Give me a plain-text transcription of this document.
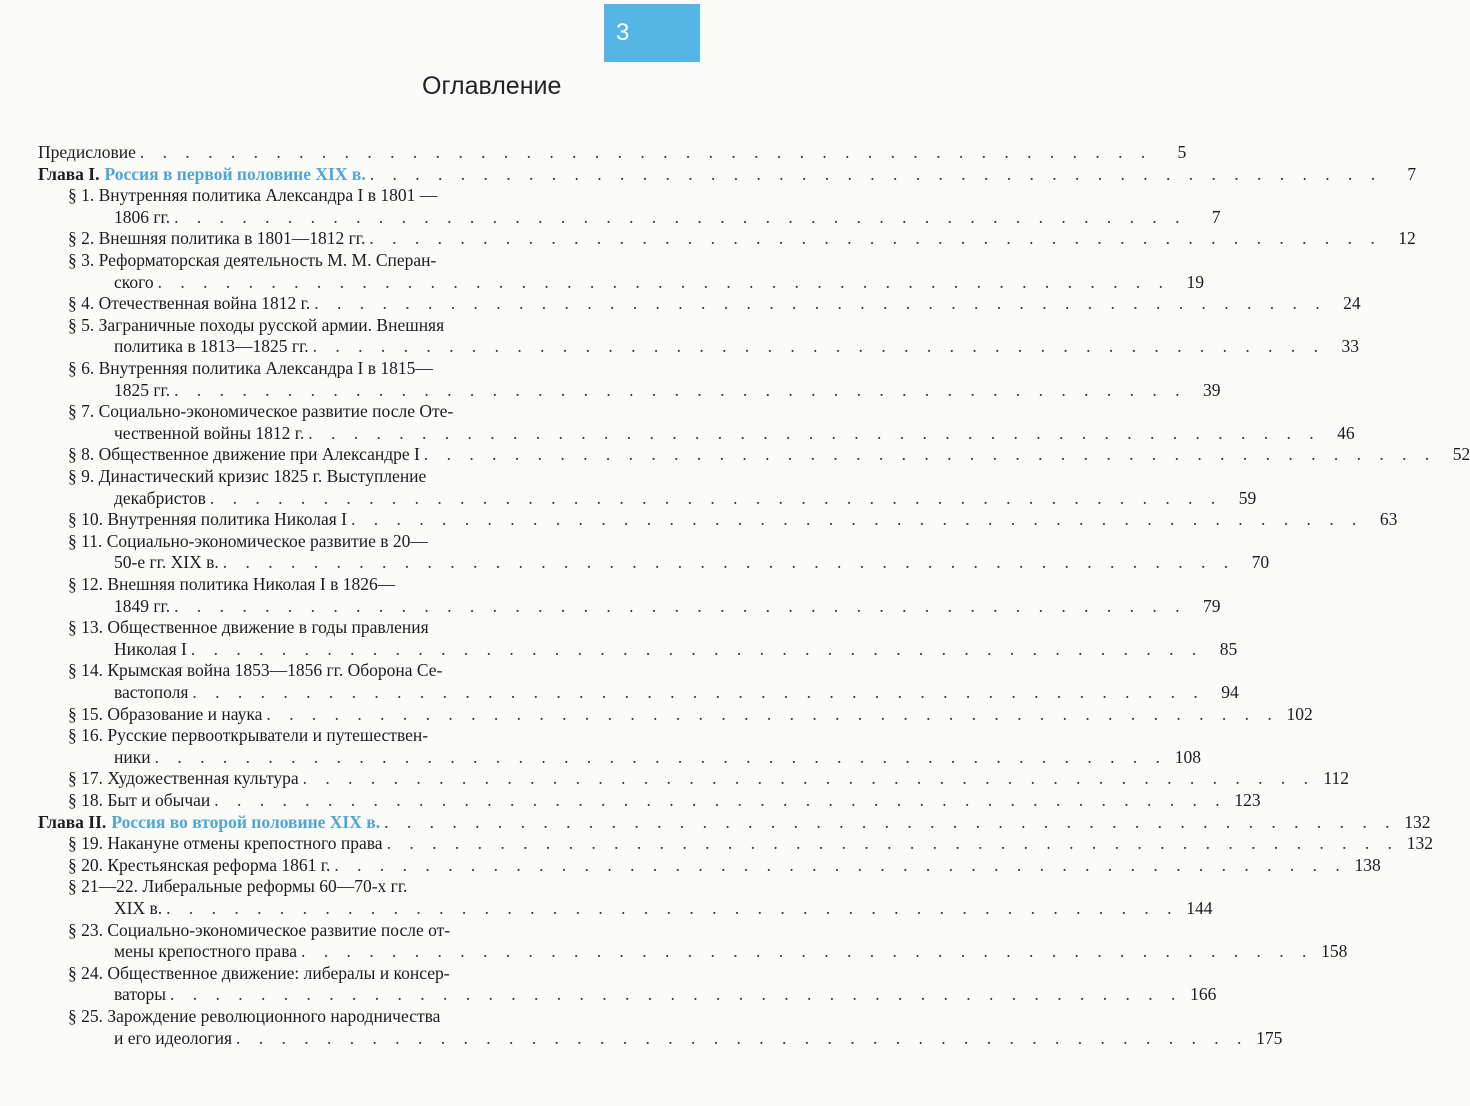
3
Оглавление
Предисловие . . . . . . . . . . . . . . . . . . . . . . . . . . . . . . . . . . . . . . . . . . . . .	5
Глава I. Россия в первой половине XIX в. . . . . . . . . . . . . . . . . . . . . . . . . . . . . . . . . . . . . . . . . . . . . .	7
§ 1. Внутренняя политика Александра I в 1801 —
1806 гг. . . . . . . . . . . . . . . . . . . . . . . . . . . . . . . . . . . . . . . . . . . . . .	7
§ 2. Внешняя политика в 1801—1812 гг. . . . . . . . . . . . . . . . . . . . . . . . . . . . . . . . . . . . . . . . . . . . . . 12
§ 3. Реформаторская деятельность М. М. Сперан-
ского . . . . . . . . . . . . . . . . . . . . . . . . . . . . . . . . . . . . . . . . . . . . . 19
§ 4. Отечественная война 1812 г. . . . . . . . . . . . . . . . . . . . . . . . . . . . . . . . . . . . . . . . . . . . . . 24
§ 5. Заграничные походы русской армии. Внешняя
политика в 1813—1825 гг. . . . . . . . . . . . . . . . . . . . . . . . . . . . . . . . . . . . . . . . . . . . . . 33
§ 6. Внутренняя политика Александра I в 1815—
1825 гг. . . . . . . . . . . . . . . . . . . . . . . . . . . . . . . . . . . . . . . . . . . . . . 39
§ 7. Социально-экономическое развитие после Оте-
чественной войны 1812 г. . . . . . . . . . . . . . . . . . . . . . . . . . . . . . . . . . . . . . . . . . . . . . 46
§ 8. Общественное движение при Александре I . . . . . . . . . . . . . . . . . . . . . . . . . . . . . . . . . . . . . . . . . . . . . 52
§ 9. Династический кризис 1825 г. Выступление
декабристов . . . . . . . . . . . . . . . . . . . . . . . . . . . . . . . . . . . . . . . . . . . . . 59
§ 10. Внутренняя политика Николая I . . . . . . . . . . . . . . . . . . . . . . . . . . . . . . . . . . . . . . . . . . . . . 63
§ 11. Социально-экономическое развитие в 20—
50-е гг. XIX в. . . . . . . . . . . . . . . . . . . . . . . . . . . . . . . . . . . . . . . . . . . . . . 70
§ 12. Внешняя политика Николая I в 1826—
1849 гг. . . . . . . . . . . . . . . . . . . . . . . . . . . . . . . . . . . . . . . . . . . . . . 79
§ 13. Общественное движение в годы правления
Николая I . . . . . . . . . . . . . . . . . . . . . . . . . . . . . . . . . . . . . . . . . . . . . 85
§ 14. Крымская война 1853—1856 гг. Оборона Се-
вастополя . . . . . . . . . . . . . . . . . . . . . . . . . . . . . . . . . . . . . . . . . . . . . 94
§ 15. Образование и наука . . . . . . . . . . . . . . . . . . . . . . . . . . . . . . . . . . . . . . . . . . . . . 102
§ 16. Русские первооткрыватели и путешествен-
ники . . . . . . . . . . . . . . . . . . . . . . . . . . . . . . . . . . . . . . . . . . . . . 108
§ 17. Художественная культура . . . . . . . . . . . . . . . . . . . . . . . . . . . . . . . . . . . . . . . . . . . . . 112
§ 18. Быт и обычаи . . . . . . . . . . . . . . . . . . . . . . . . . . . . . . . . . . . . . . . . . . . . . 123
Глава II. Россия во второй половине XIX в. . . . . . . . . . . . . . . . . . . . . . . . . . . . . . . . . . . . . . . . . . . . . . 132
§ 19. Накануне отмены крепостного права . . . . . . . . . . . . . . . . . . . . . . . . . . . . . . . . . . . . . . . . . . . . . 132
§ 20. Крестьянская реформа 1861 г. . . . . . . . . . . . . . . . . . . . . . . . . . . . . . . . . . . . . . . . . . . . . . 138
§ 21—22. Либеральные реформы 60—70-х гг.
XIX в. . . . . . . . . . . . . . . . . . . . . . . . . . . . . . . . . . . . . . . . . . . . . . 144
§ 23. Социально-экономическое развитие после от-
мены крепостного права . . . . . . . . . . . . . . . . . . . . . . . . . . . . . . . . . . . . . . . . . . . . . 158
§ 24. Общественное движение: либералы и консер-
ваторы . . . . . . . . . . . . . . . . . . . . . . . . . . . . . . . . . . . . . . . . . . . . . 166
§ 25. Зарождение революционного народничества
и его идеология . . . . . . . . . . . . . . . . . . . . . . . . . . . . . . . . . . . . . . . . . . . . . 175
